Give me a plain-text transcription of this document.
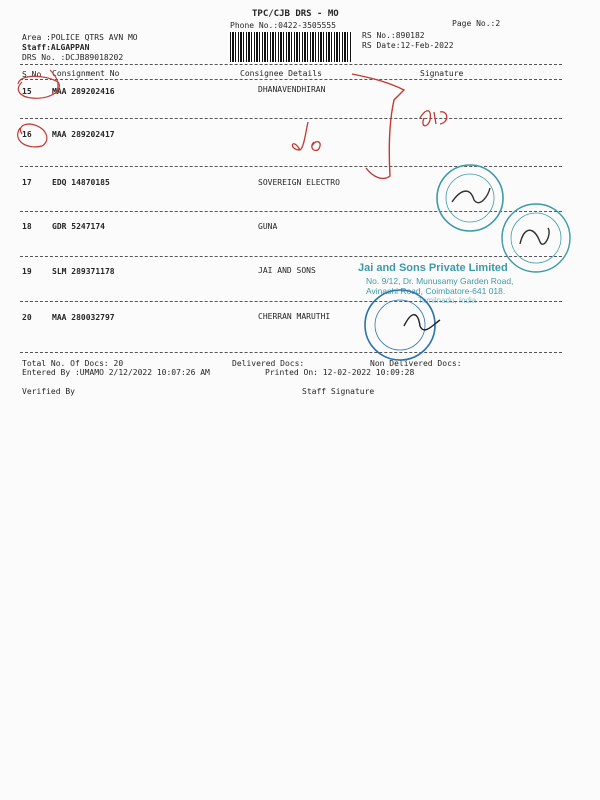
TPC/CJB DRS - MO
Phone No.:0422-3505555	Page No.:2
Area :POLICE QTRS AVN MO
Staff:ALGAPPAN
DRS No. :DCJB89018202
RS No.:890182
RS Date:12-Feb-2022
S No Consignment No	Consignee Details	Signature
15	MAA 289202416	DHANAVENDHIRAN
16	MAA 289202417
17	EDQ 14870185	SOVEREIGN ELECTRO
18	GDR 5247174	GUNA
19	SLM 289371178	JAI AND SONS
20	MAA 280032797	CHERRAN MARUTHI
Total No. Of Docs: 20	Delivered Docs:	Non Delivered Docs:
Entered By :UMAMO 2/12/2022 10:07:26 AM	Printed On: 12-02-2022 10:09:28
Verified By	Staff Signature
Jai and Sons Private Limited
No. 9/12, Dr. Munusamy Garden Road,
Avinashi Road, Coimbatore-641 018.
Tamilnadu, India
